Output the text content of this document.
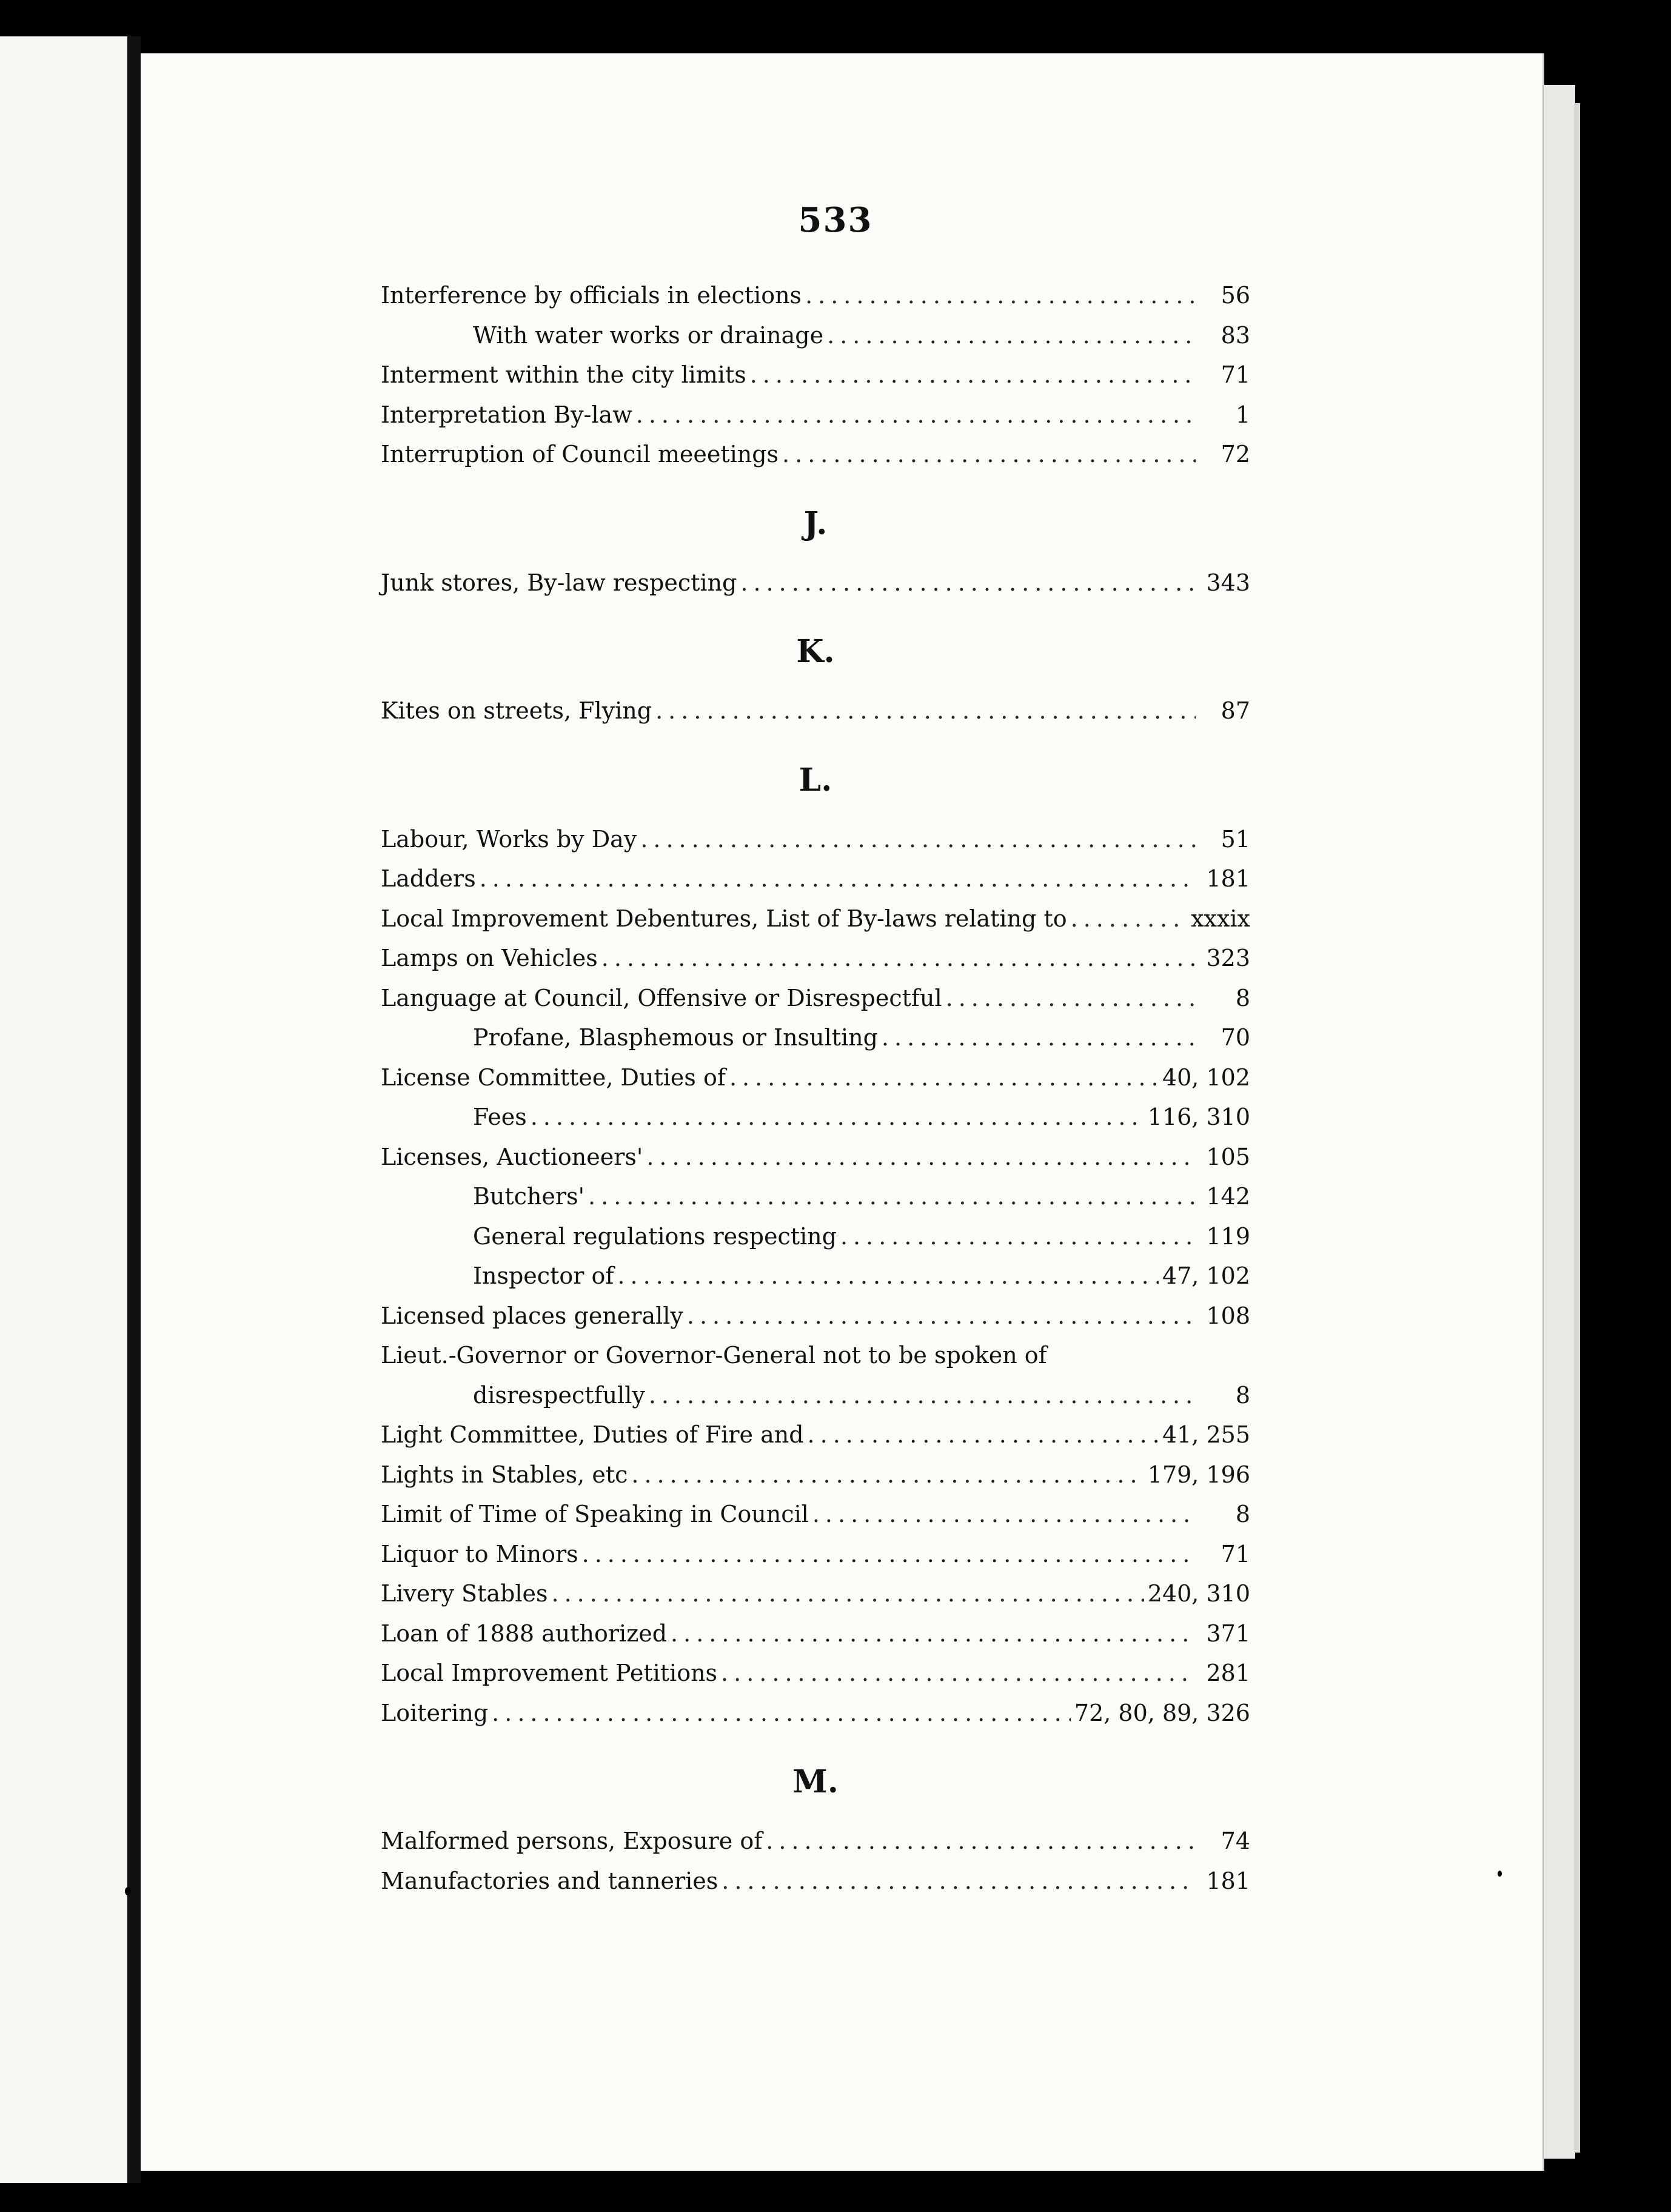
533
Interference by officials in elections .....	56
With water works or drainage .....	83
Interment within the city limits .....	71
Interpretation By-law .....	1
Interruption of Council meeetings .....	72
J.
Junk stores, By-law respecting .....	343
K.
Kites on streets, Flying .....	87
L.
Labour, Works by Day .....	51
Ladders .....	181
Local Improvement Debentures, List of By-laws relating to .....	xxxix
Lamps on Vehicles .....	323
Language at Council, Offensive or Disrespectful .....	8
Profane, Blasphemous or Insulting .....	70
License Committee, Duties of .....	40, 102
Fees .....	116, 310
Licenses, Auctioneers' .....	105
Butchers' .....	142
General regulations respecting .....	119
Inspector of .....	47, 102
Licensed places generally .....	108
Lieut.-Governor or Governor-General not to be spoken of
disrespectfully .....	8
Light Committee, Duties of Fire and .....	41, 255
Lights in Stables, etc .....	179, 196
Limit of Time of Speaking in Council .....	8
Liquor to Minors .....	71
Livery Stables .....	240, 310
Loan of 1888 authorized .....	371
Local Improvement Petitions .....	281
Loitering .....	72, 80, 89, 326
M.
Malformed persons, Exposure of .....	74
Manufactories and tanneries .....	181
